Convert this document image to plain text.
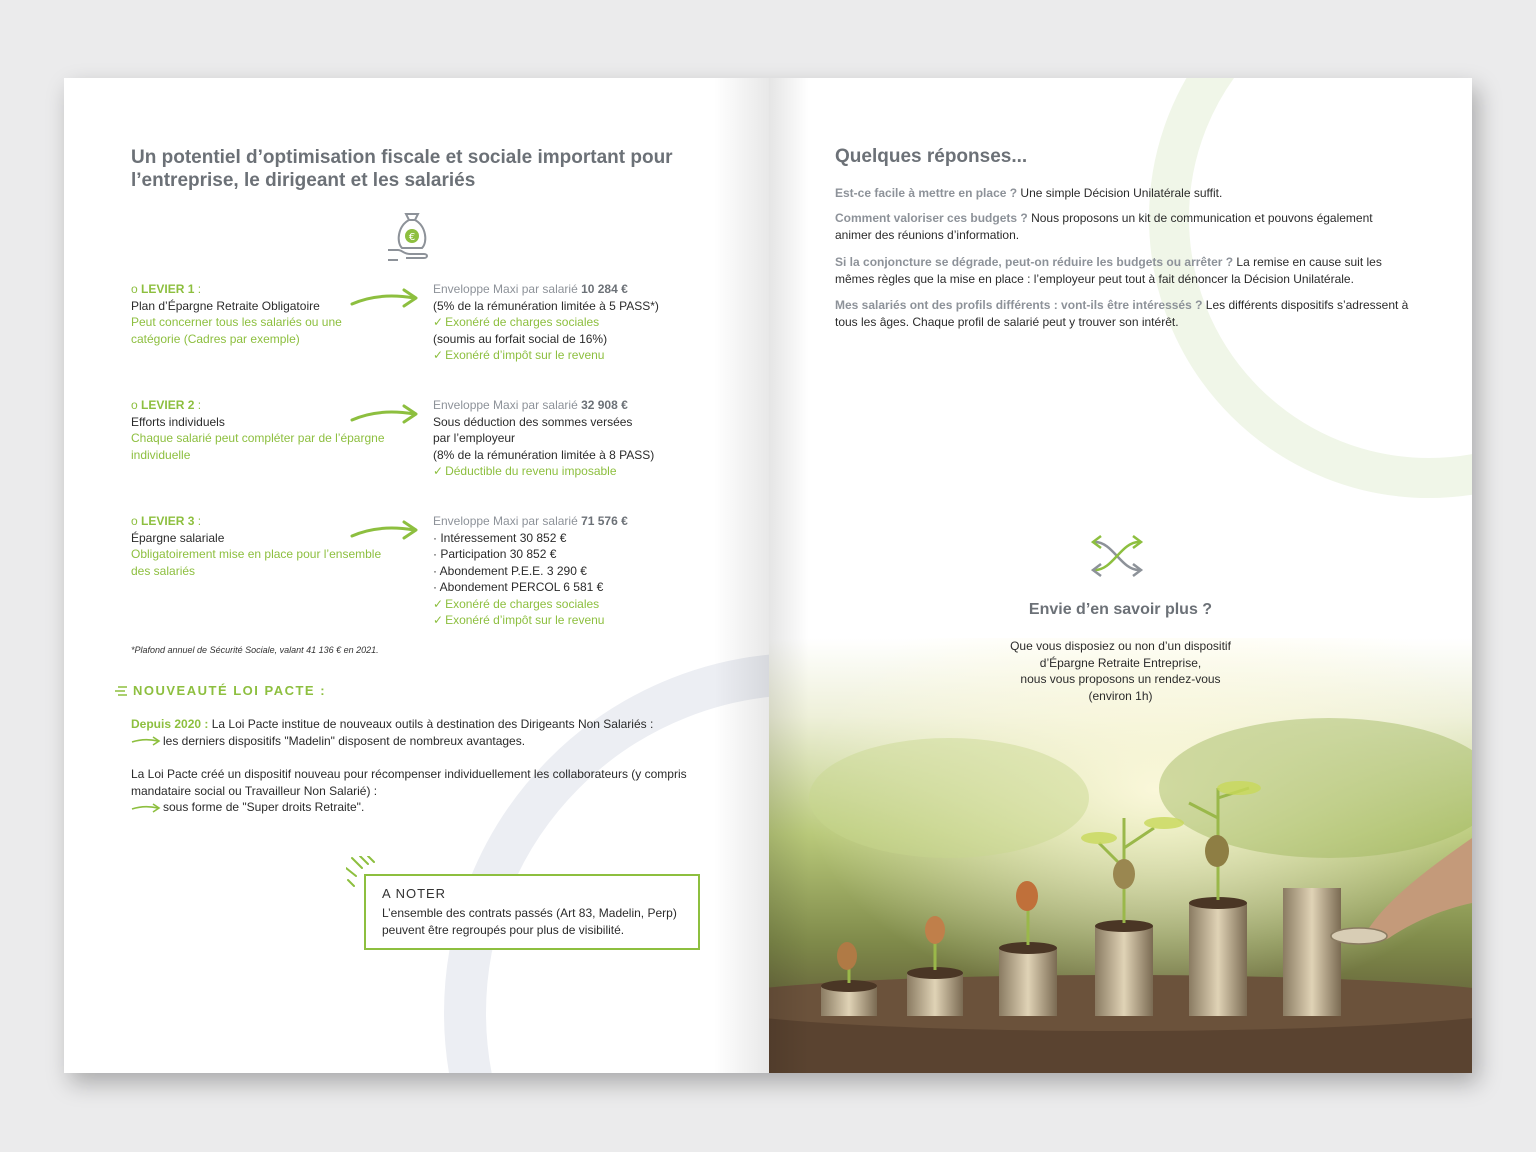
Un potentiel d’optimisation fiscale et sociale important pour l’entreprise, le dirigeant et les salariés
€
o LEVIER 1 :
Plan d’Épargne Retraite Obligatoire
Peut concerner tous les salariés ou une catégorie (Cadres par exemple)
Enveloppe Maxi par salarié 10 284 €
(5% de la rémunération limitée à 5 PASS*)
✓ Exonéré de charges sociales
(soumis au forfait social de 16%)
✓ Exonéré d’impôt sur le revenu
o LEVIER 2 :
Efforts individuels
Chaque salarié peut compléter par de l’épargne individuelle
Enveloppe Maxi par salarié 32 908 €
Sous déduction des sommes versées
par l’employeur
(8% de la rémunération limitée à 8 PASS)
✓ Déductible du revenu imposable
o LEVIER 3 :
Épargne salariale
Obligatoirement mise en place pour l’ensemble des salariés
Enveloppe Maxi par salarié 71 576 €
· Intéressement 30 852 €
· Participation 30 852 €
· Abondement P.E.E. 3 290 €
· Abondement PERCOL 6 581 €
✓ Exonéré de charges sociales
✓ Exonéré d’impôt sur le revenu
*Plafond annuel de Sécurité Sociale, valant 41 136 € en 2021.
NOUVEAUTÉ LOI PACTE :
Depuis 2020 : La Loi Pacte institue de nouveaux outils à destination des Dirigeants Non Salariés :
les derniers dispositifs "Madelin" disposent de nombreux avantages.
La Loi Pacte créé un dispositif nouveau pour récompenser individuellement les collaborateurs (y compris mandataire social ou Travailleur Non Salarié) :
sous forme de "Super droits Retraite".
A NOTER
L’ensemble des contrats passés (Art 83, Madelin, Perp) peuvent être regroupés pour plus de visibilité.
Quelques réponses...
Est-ce facile à mettre en place ? Une simple Décision Unilatérale suffit.
Comment valoriser ces budgets ? Nous proposons un kit de communication et pouvons également animer des réunions d’information.
Si la conjoncture se dégrade, peut-on réduire les budgets ou arrêter ? La remise en cause suit les mêmes règles que la mise en place : l’employeur peut tout à fait dénoncer la Décision Unilatérale.
Mes salariés ont des profils différents : vont-ils être intéressés ? Les différents dispositifs s’adressent à tous les âges. Chaque profil de salarié peut y trouver son intérêt.
Envie d’en savoir plus ?
Que vous disposiez ou non d’un dispositif
d’Épargne Retraite Entreprise,
nous vous proposons un rendez-vous
(environ 1h)
